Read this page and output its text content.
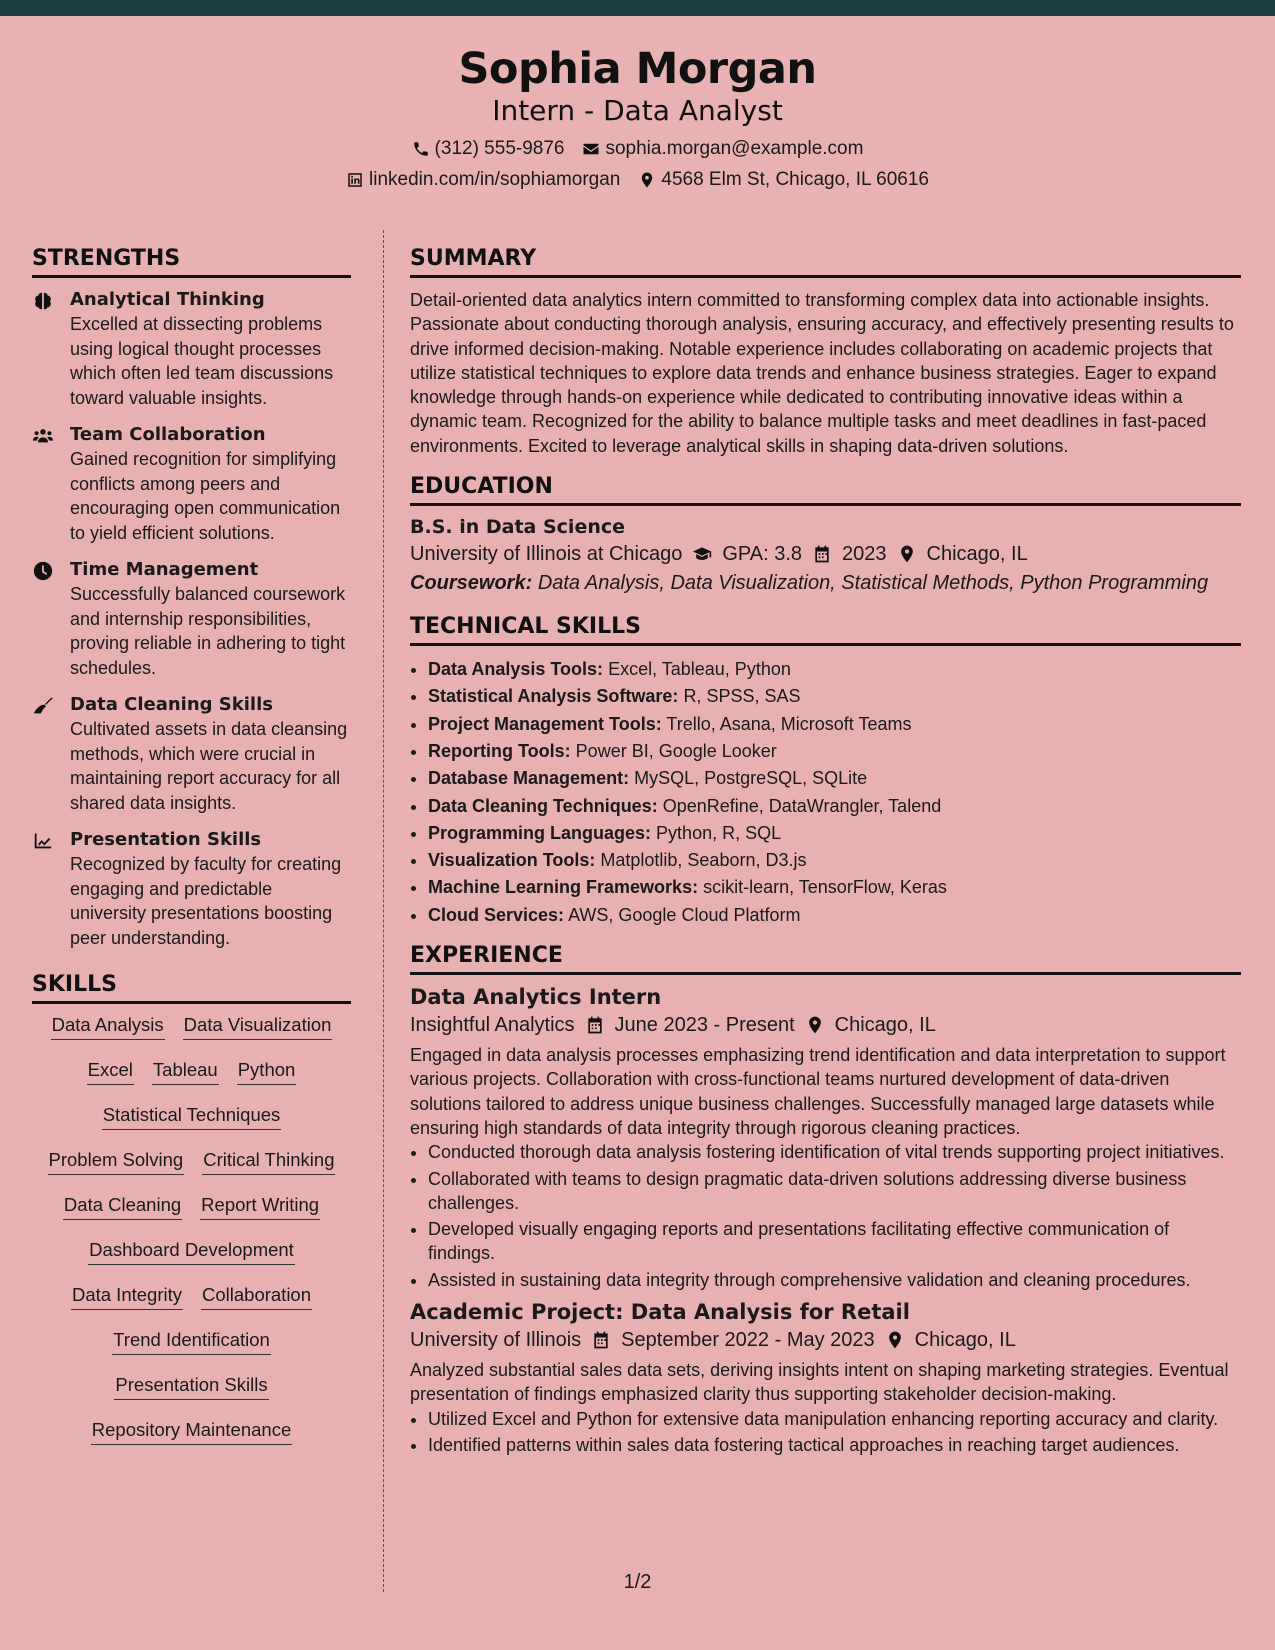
Sophia Morgan
Intern - Data Analyst
(312) 555-9876 sophia.morgan@example.com
linkedin.com/in/sophiamorgan 4568 Elm St, Chicago, IL 60616
STRENGTHS
Analytical Thinking
Excelled at dissecting problems using logical thought processes which often led team discussions toward valuable insights.
Team Collaboration
Gained recognition for simplifying conflicts among peers and encouraging open communication to yield efficient solutions.
Time Management
Successfully balanced coursework and internship responsibilities, proving reliable in adhering to tight schedules.
Data Cleaning Skills
Cultivated assets in data cleansing methods, which were crucial in maintaining report accuracy for all shared data insights.
Presentation Skills
Recognized by faculty for creating engaging and predictable university presentations boosting peer understanding.
SKILLS
Data Analysis Data Visualization
Excel Tableau Python
Statistical Techniques
Problem Solving Critical Thinking
Data Cleaning Report Writing
Dashboard Development
Data Integrity Collaboration
Trend Identification
Presentation Skills
Repository Maintenance
SUMMARY
Detail-oriented data analytics intern committed to transforming complex data into actionable insights. Passionate about conducting thorough analysis, ensuring accuracy, and effectively presenting results to drive informed decision-making. Notable experience includes collaborating on academic projects that utilize statistical techniques to explore data trends and enhance business strategies. Eager to expand knowledge through hands-on experience while dedicated to contributing innovative ideas within a dynamic team. Recognized for the ability to balance multiple tasks and meet deadlines in fast-paced environments. Excited to leverage analytical skills in shaping data-driven solutions.
EDUCATION
B.S. in Data Science
University of Illinois at Chicago GPA: 3.8 2023 Chicago, IL
Coursework: Data Analysis, Data Visualization, Statistical Methods, Python Programming
TECHNICAL SKILLS
• Data Analysis Tools: Excel, Tableau, Python
• Statistical Analysis Software: R, SPSS, SAS
• Project Management Tools: Trello, Asana, Microsoft Teams
• Reporting Tools: Power BI, Google Looker
• Database Management: MySQL, PostgreSQL, SQLite
• Data Cleaning Techniques: OpenRefine, DataWrangler, Talend
• Programming Languages: Python, R, SQL
• Visualization Tools: Matplotlib, Seaborn, D3.js
• Machine Learning Frameworks: scikit-learn, TensorFlow, Keras
• Cloud Services: AWS, Google Cloud Platform
EXPERIENCE
Data Analytics Intern
Insightful Analytics June 2023 - Present Chicago, IL
Engaged in data analysis processes emphasizing trend identification and data interpretation to support various projects. Collaboration with cross-functional teams nurtured development of data-driven solutions tailored to address unique business challenges. Successfully managed large datasets while ensuring high standards of data integrity through rigorous cleaning practices.
• Conducted thorough data analysis fostering identification of vital trends supporting project initiatives.
• Collaborated with teams to design pragmatic data-driven solutions addressing diverse business challenges.
• Developed visually engaging reports and presentations facilitating effective communication of findings.
• Assisted in sustaining data integrity through comprehensive validation and cleaning procedures.
Academic Project: Data Analysis for Retail
University of Illinois September 2022 - May 2023 Chicago, IL
Analyzed substantial sales data sets, deriving insights intent on shaping marketing strategies. Eventual presentation of findings emphasized clarity thus supporting stakeholder decision-making.
• Utilized Excel and Python for extensive data manipulation enhancing reporting accuracy and clarity.
• Identified patterns within sales data fostering tactical approaches in reaching target audiences.
1/2
